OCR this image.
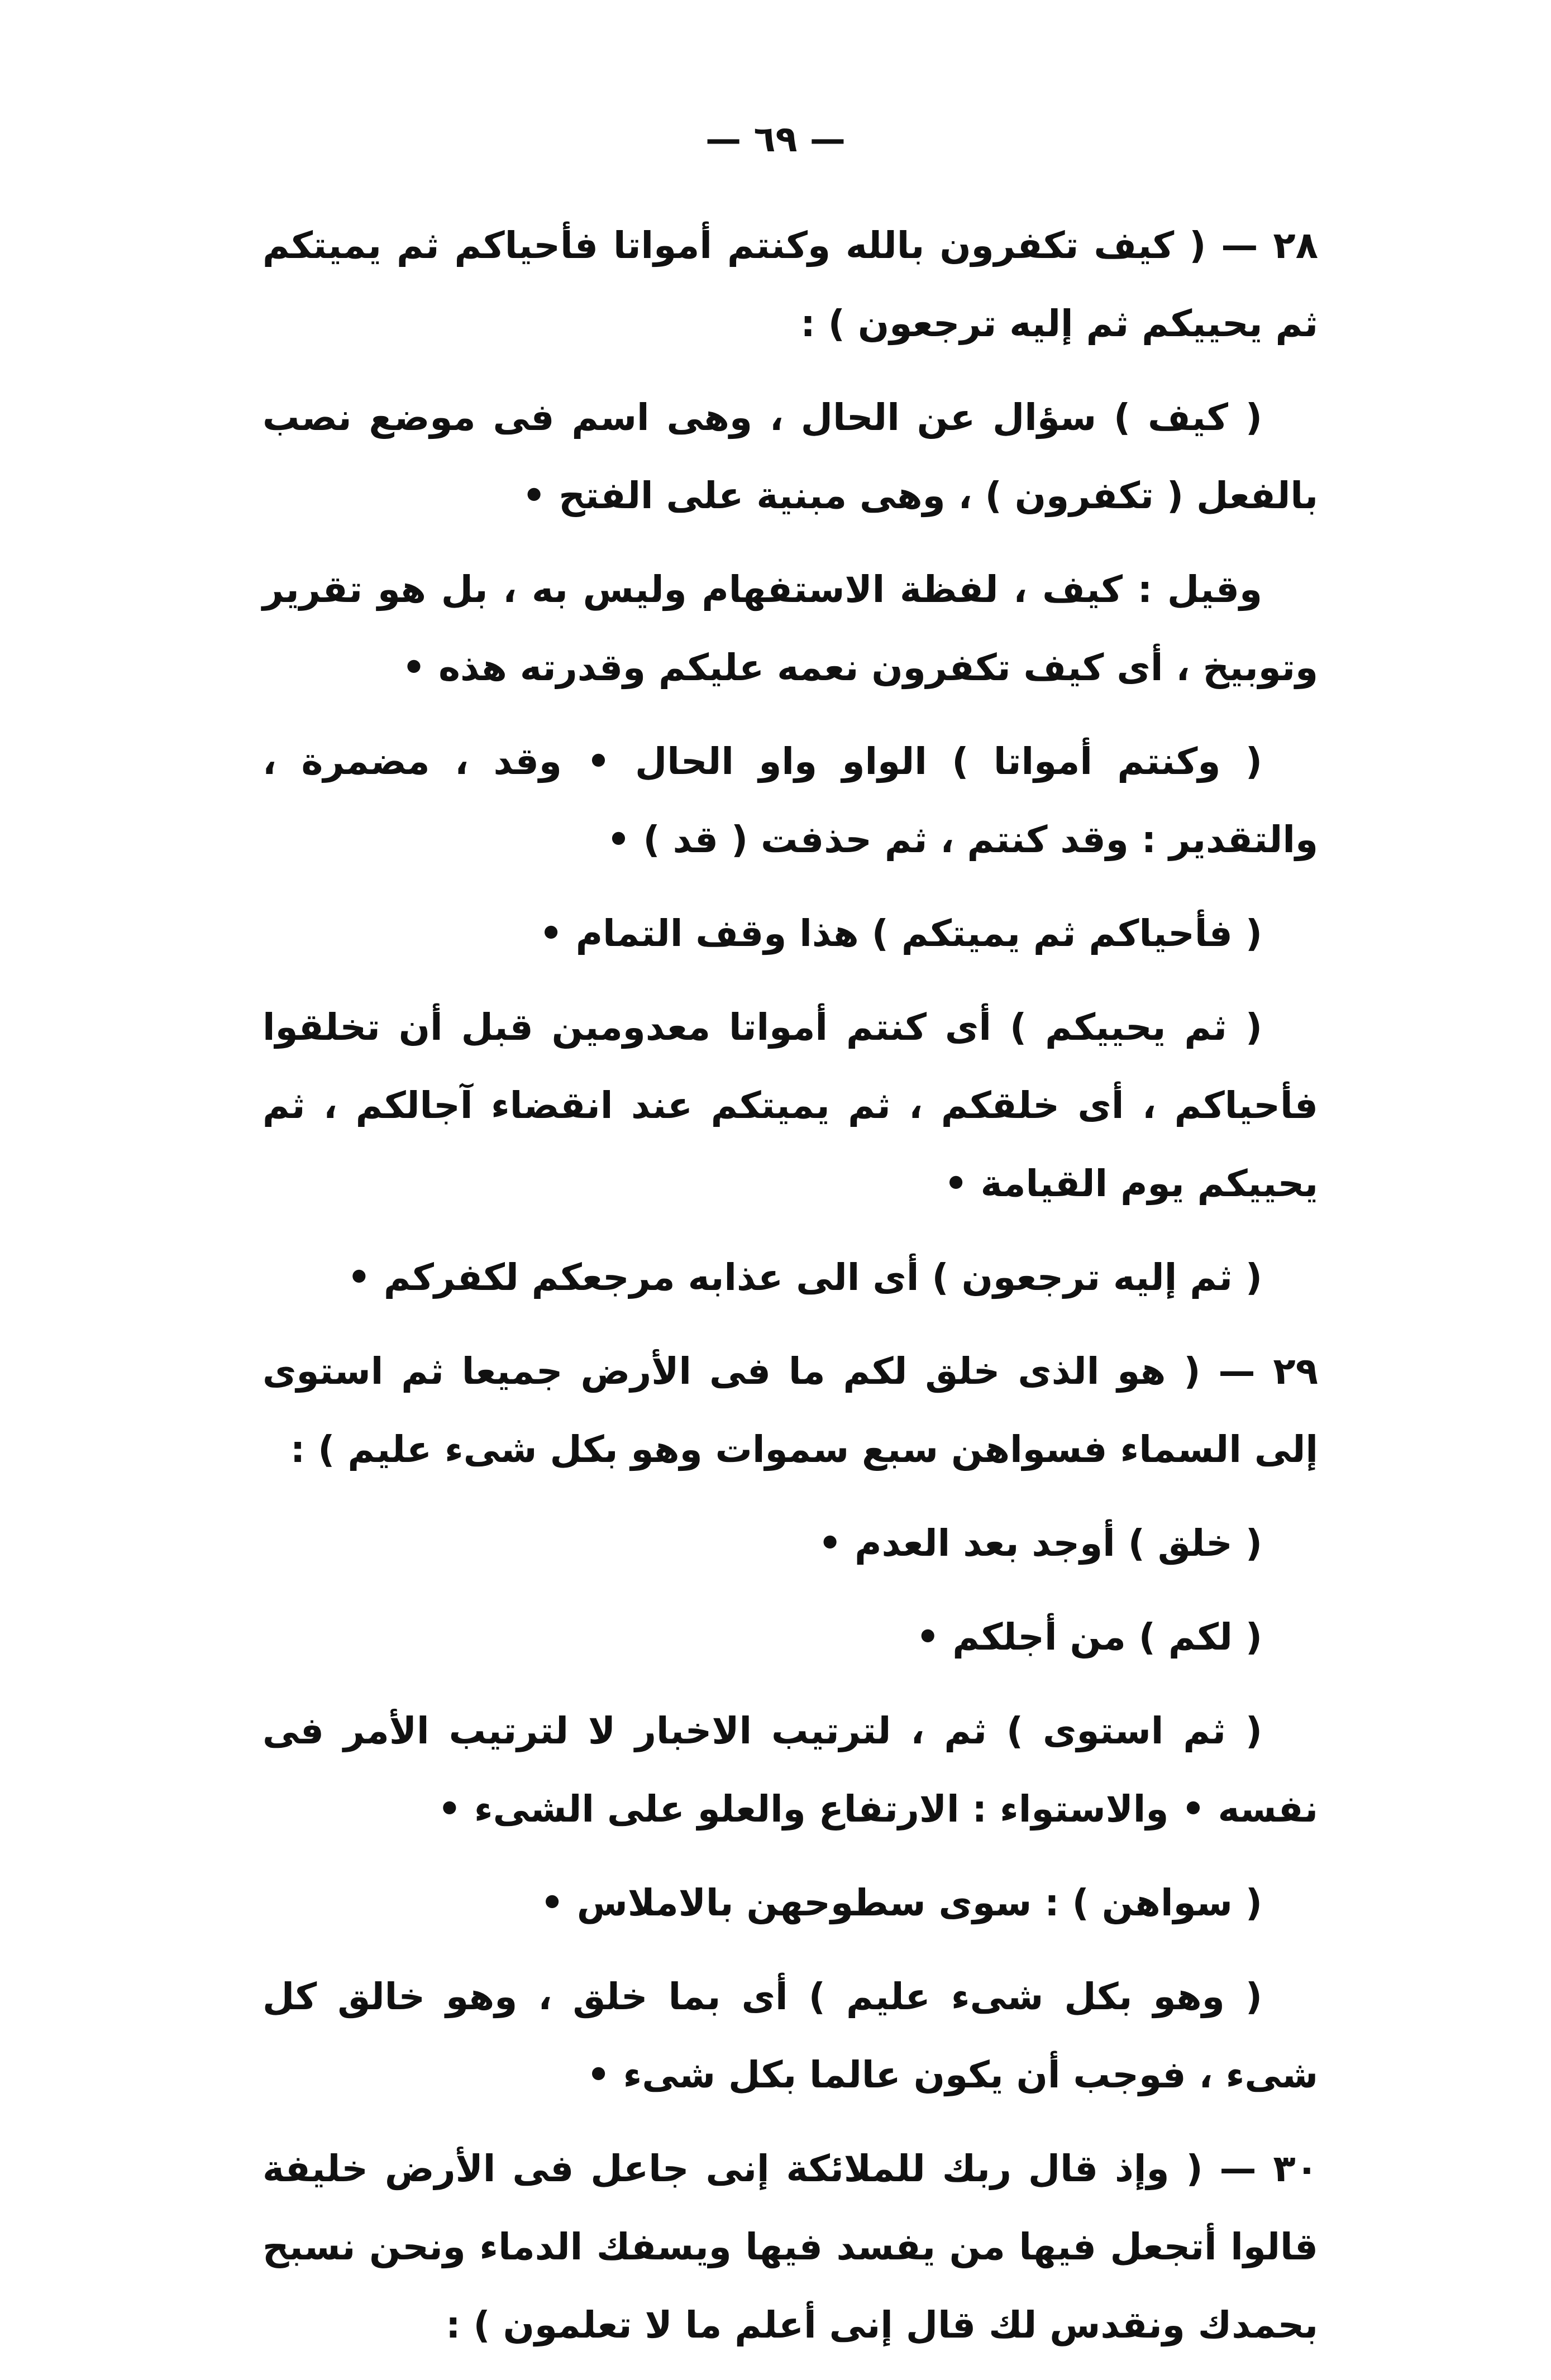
— ٦٩ —

٢٨ — ( كيف تكفرون بالله وكنتم أمواتا فأحياكم ثم يميتكم ثم يحييكم ثم إليه ترجعون ) :

( كيف ) سؤال عن الحال ، وهى اسم فى موضع نصب بالفعل ( تكفرون ) ، وهى مبنية على الفتح •

وقيل : كيف ، لفظة الاستفهام وليس به ، بل هو تقرير وتوبيخ ، أى كيف تكفرون نعمه عليكم وقدرته هذه •

( وكنتم أمواتا ) الواو واو الحال • وقد ، مضمرة ، والتقدير : وقد كنتم ، ثم حذفت ( قد ) •

( فأحياكم ثم يميتكم ) هذا وقف التمام •

( ثم يحييكم ) أى كنتم أمواتا معدومين قبل أن تخلقوا فأحياكم ، أى خلقكم ، ثم يميتكم عند انقضاء آجالكم ، ثم يحييكم يوم القيامة •

( ثم إليه ترجعون ) أى الى عذابه مرجعكم لكفركم •

٢٩ — ( هو الذى خلق لكم ما فى الأرض جميعا ثم استوى إلى السماء فسواهن سبع سموات وهو بكل شىء عليم ) :

( خلق ) أوجد بعد العدم •

( لكم ) من أجلكم •

( ثم استوى ) ثم ، لترتيب الاخبار لا لترتيب الأمر فى نفسه • والاستواء : الارتفاع والعلو على الشىء •

( سواهن ) : سوى سطوحهن بالاملاس •

( وهو بكل شىء عليم ) أى بما خلق ، وهو خالق كل شىء ، فوجب أن يكون عالما بكل شىء •

٣٠ — ( وإذ قال ربك للملائكة إنى جاعل فى الأرض خليفة قالوا أتجعل فيها من يفسد فيها ويسفك الدماء ونحن نسبح بحمدك ونقدس لك قال إنى أعلم ما لا تعلمون ) :
